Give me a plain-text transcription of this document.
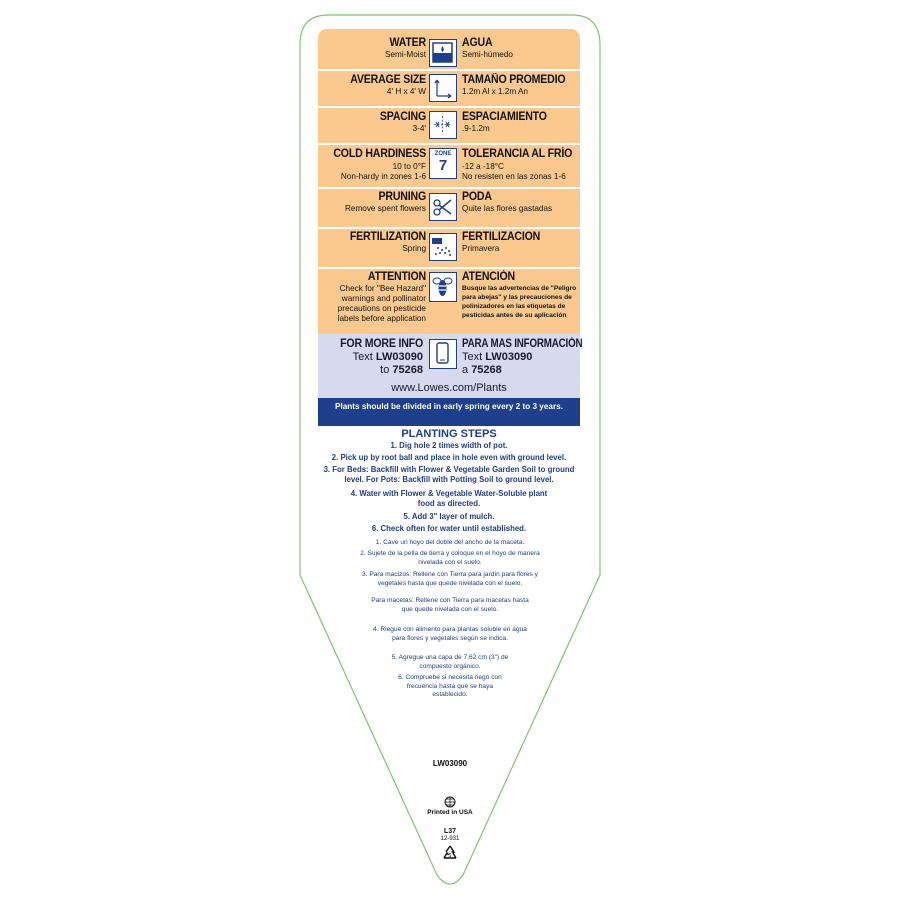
WATER
Semi-Moist
AGUA
Semi-húmedo
AVERAGE SIZE
4' H x 4' W
TAMAÑO PROMEDIO
1.2m Al x 1.2m An
SPACING
3-4'
ESPACIAMIENTO
.9-1.2m
COLD HARDINESS
10 to 0°F
Non-hardy in zones 1-6
ZONE
7
TOLERANCIA AL FRÍO
-12 a -18°C
No resisten en las zonas 1-6
PRUNING
Remove spent flowers
PODA
Quite las flores gastadas
FERTILIZATION
Spring
FERTILIZACION
Primavera
ATTENTION
Check for "Bee Hazard" warnings and pollinator precautions on pesticide labels before application
ATENCIÓN
Busque las advertencias de "Peligro para abejas" y las precauciones de polinizadores en las etiquetas de pesticidas antes de su aplicación
FOR MORE INFO
Text LW03090
to 75268
PARA MAS INFORMACIÓN
Text LW03090
a 75268
www.Lowes.com/Plants
Plants should be divided in early spring every 2 to 3 years.
PLANTING STEPS
1. Dig hole 2 times width of pot.
2. Pick up by root ball and place in hole even with ground level.
3. For Beds: Backfill with Flower & Vegetable Garden Soil to ground level. For Pots: Backfill with Potting Soil to ground level.
4. Water with Flower & Vegetable Water-Soluble plant food as directed.
5. Add 3" layer of mulch.
6. Check often for water until established.
1. Cave un hoyo del doble del ancho de la maceta.
2. Sujete de la pella de tierra y coloque en el hoyo de manera nivelada con el suelo.
3. Para macizos: Rellene con Tierra para jardín para flores y vegetales hasta que quede nivelada con el suelo.
Para macetas: Rellene con Tierra para macetas hasta que quede nivelada con el suelo.
4. Riegue con alimento para plantas soluble en agua para flores y vegetales según se indica.
5. Agregue una capa de 7,62 cm (3") de compuesto orgánico.
6. Compruebe si necesita riego con frecuencia hasta que se haya establecido.
LW03090
Printed in USA
L37
12-931
5
